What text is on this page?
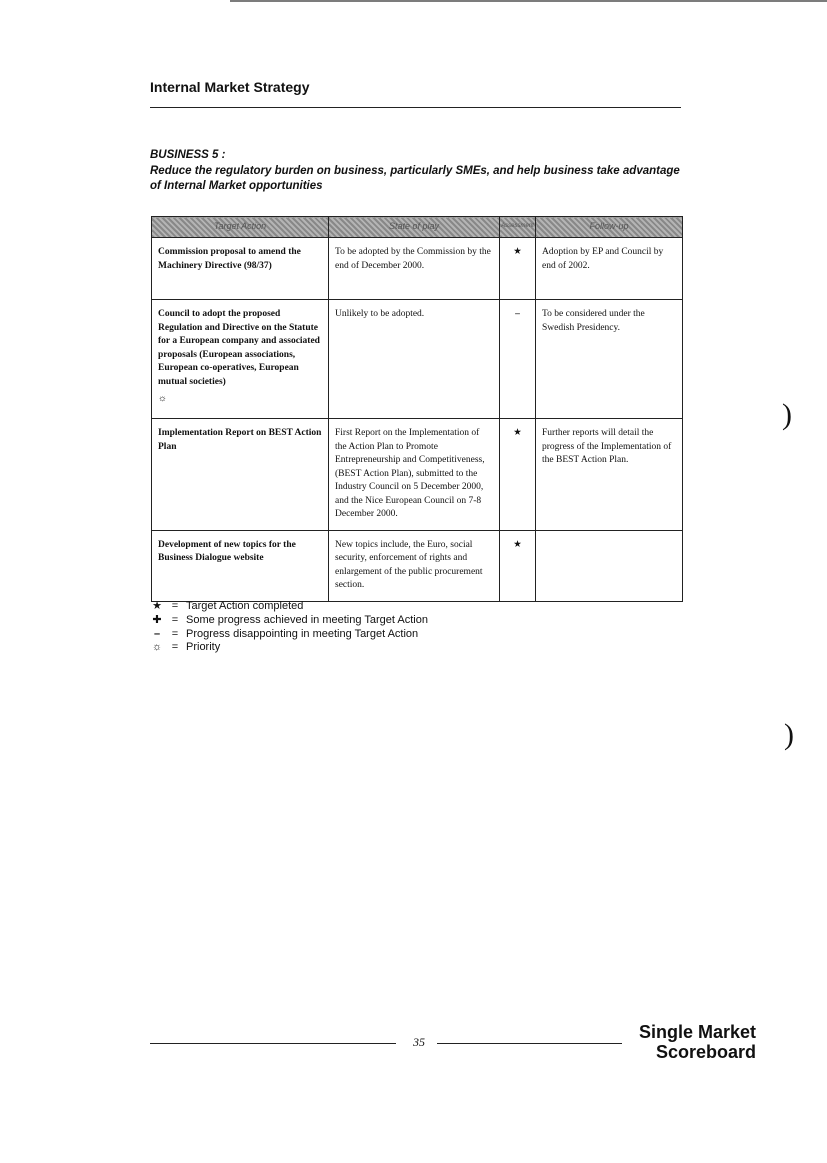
)
)
Internal Market Strategy
BUSINESS 5 :
Reduce the regulatory burden on business, particularly SMEs, and help business take advantage of Internal Market opportunities
Target Action	State of play	Assessment	Follow-up

Commission proposal to amend the Machinery Directive (98/37)	To be adopted by the Commission by the end of December 2000.	★	Adoption by EP and Council by end of 2002.

Council to adopt the proposed Regulation and Directive on the Statute for a European company and associated proposals (European associations, European co-operatives, European mutual societies)
☼	Unlikely to be adopted.	–	To be considered under the Swedish Presidency.

Implementation Report on BEST Action Plan	First Report on the Implementation of the Action Plan to Promote Entrepreneurship and Competitiveness, (BEST Action Plan), submitted to the Industry Council on 5 December 2000, and the Nice European Council on 7-8 December 2000.	★	Further reports will detail the progress of the Implementation of the BEST Action Plan.

Development of new topics for the Business Dialogue website	New topics include, the Euro, social security, enforcement of rights and enlargement of the public procurement section.	★	

★ = Target Action completed
✚ = Some progress achieved in meeting Target Action
–	= Progress disappointing in meeting Target Action
☼ = Priority
35	Single Market
Scoreboard
